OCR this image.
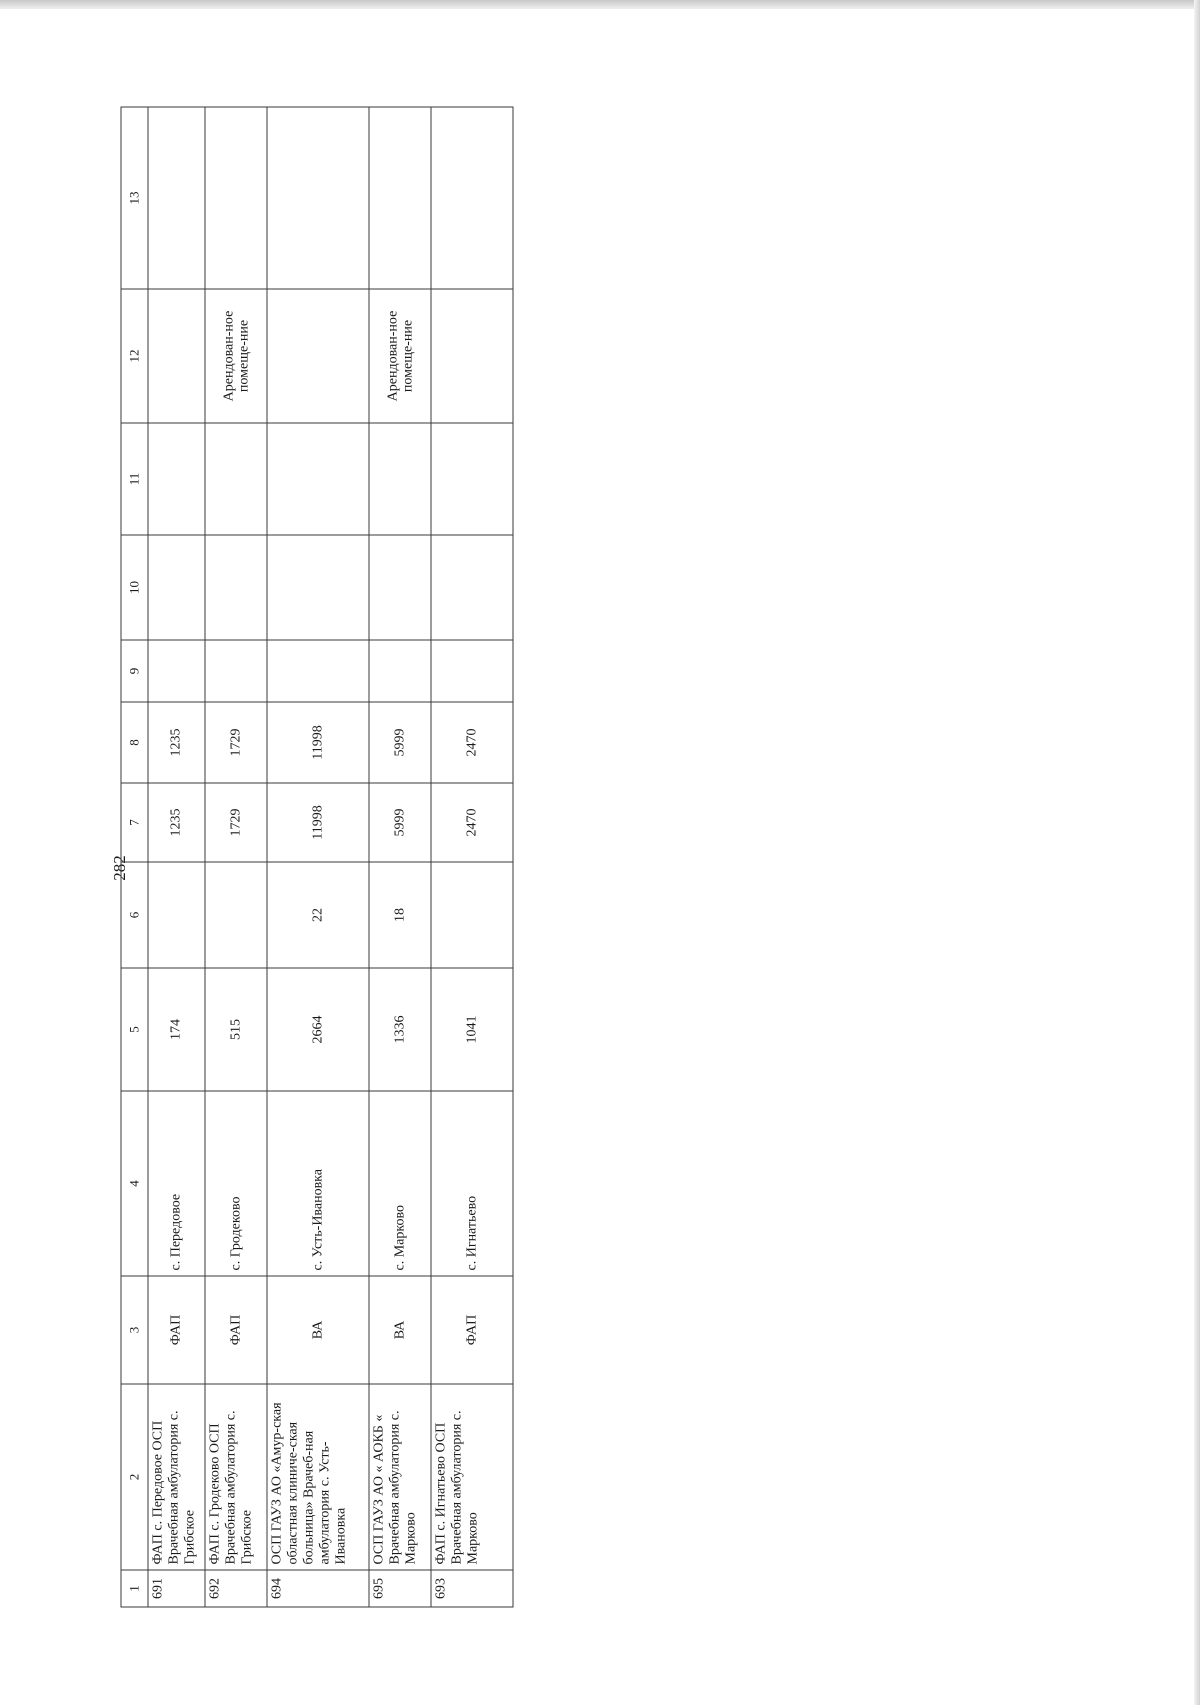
282
1	2	3	4	5	6	7	8	9	10	11	12	13
691	ФАП с. Передовое ОСП Врачебная амбулатория с. Грибское	ФАП	с. Передовое	174		1235	1235					
692	ФАП с. Гродеково ОСП Врачебная амбулатория с. Грибское	ФАП	с. Гродеково	515		1729	1729				Арендован-ное помеще-ние	
694	ОСП ГАУЗ АО «Амур-ская областная клиниче-ская больница» Врачеб-ная амбулатория с. Усть-Ивановка	ВА	с. Усть-Ивановка	2664	22	11998	11998					
695	ОСП ГАУЗ АО « АОКБ « Врачебная амбулатория с. Марково	ВА	с. Марково	1336	18	5999	5999				Арендован-ное помеще-ние	
693	ФАП с. Игнатьево ОСП Врачебная амбулатория с. Марково	ФАП	с. Игнатьево	1041		2470	2470					
